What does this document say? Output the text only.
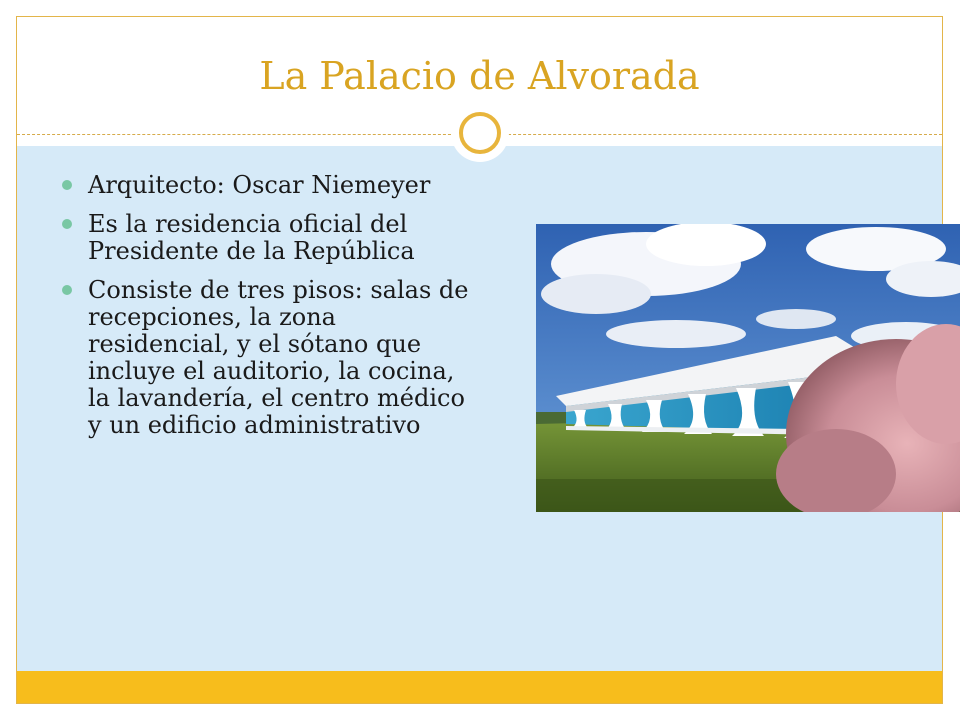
La Palacio de Alvorada
Arquitecto: Oscar Niemeyer
Es la residencia oficial del Presidente de la República
Consiste de tres pisos: salas de recepciones, la zona residencial, y el sótano que incluye el auditorio, la cocina, la lavandería, el centro médico y un edificio administrativo
